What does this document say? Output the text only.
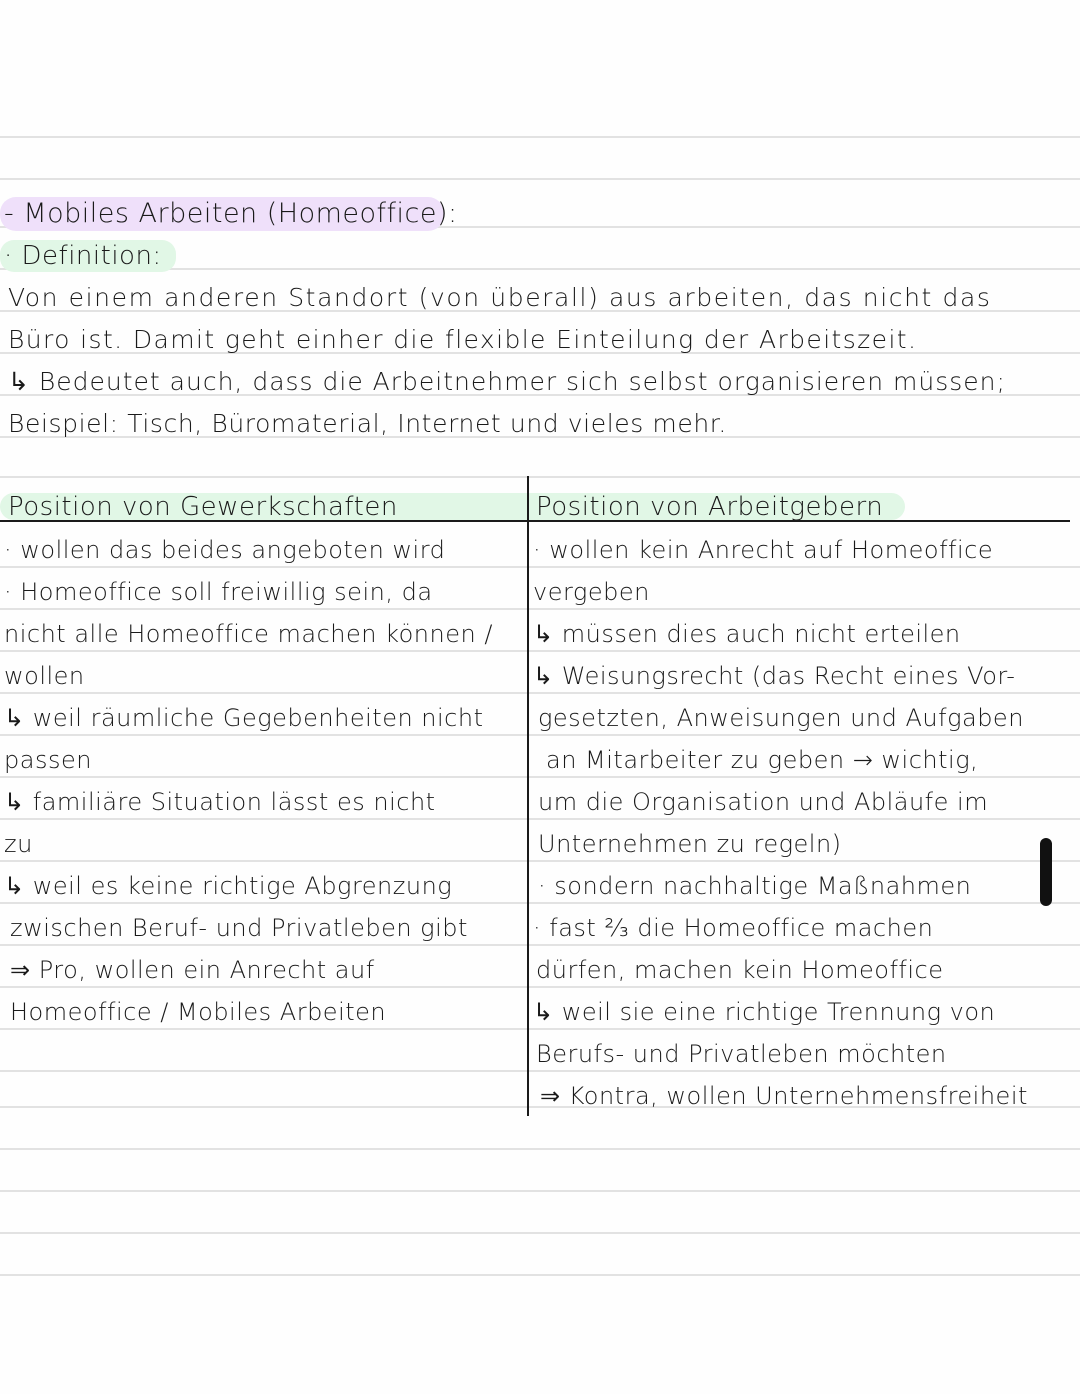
- Mobiles Arbeiten (Homeoffice):
· Definition:
Von einem anderen Standort (von überall) aus arbeiten, das nicht das
Büro ist. Damit geht einher die flexible Einteilung der Arbeitszeit.
↳ Bedeutet auch, dass die Arbeitnehmer sich selbst organisieren müssen;
Beispiel: Tisch, Büromaterial, Internet und vieles mehr.
Position von Gewerkschaften	Position von Arbeitgebern
· wollen das beides angeboten wird
· Homeoffice soll freiwillig sein, da
nicht alle Homeoffice machen können /
wollen
↳ weil räumliche Gegebenheiten nicht
passen
↳ familiäre Situation lässt es nicht
zu
↳ weil es keine richtige Abgrenzung
zwischen Beruf- und Privatleben gibt
⇒ Pro, wollen ein Anrecht auf
Homeoffice / Mobiles Arbeiten
· wollen kein Anrecht auf Homeoffice
vergeben
↳ müssen dies auch nicht erteilen
↳ Weisungsrecht (das Recht eines Vor-
gesetzten, Anweisungen und Aufgaben
an Mitarbeiter zu geben → wichtig,
um die Organisation und Abläufe im
Unternehmen zu regeln)
· sondern nachhaltige Maßnahmen
· fast ²⁄₃ die Homeoffice machen
dürfen, machen kein Homeoffice
↳ weil sie eine richtige Trennung von
Berufs- und Privatleben möchten
⇒ Kontra, wollen Unternehmensfreiheit
